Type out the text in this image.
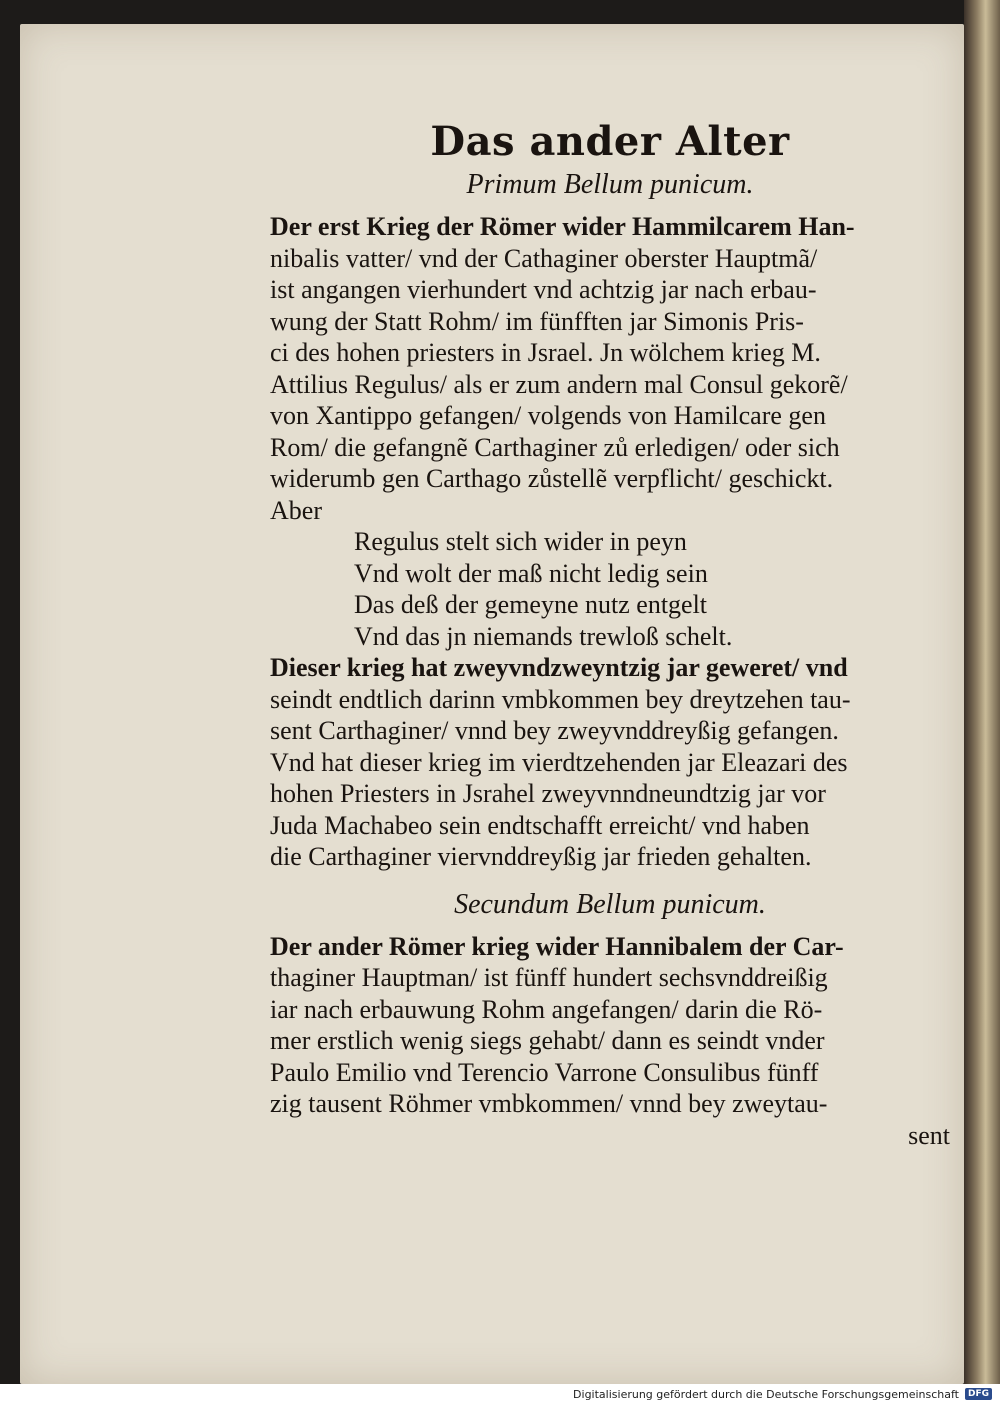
Das ander Alter
Primum Bellum punicum.
Der erst Krieg der Römer wider Hammilcarem Han-
nibalis vatter/ vnd der Cathaginer oberster Hauptmã/
ist angangen vierhundert vnd achtzig jar nach erbau-
wung der Statt Rohm/ im fünfften jar Simonis Pris-
ci des hohen priesters in Jsrael. Jn wölchem krieg M.
Attilius Regulus/ als er zum andern mal Consul gekorẽ/
von Xantippo gefangen/ volgends von Hamilcare gen
Rom/ die gefangnẽ Carthaginer zů erledigen/ oder sich
widerumb gen Carthago zůstellẽ verpflicht/ geschickt.
Aber
Regulus stelt sich wider in peyn
Vnd wolt der maß nicht ledig sein
Das deß der gemeyne nutz entgelt
Vnd das jn niemands trewloß schelt.
Dieser krieg hat zweyvndzweyntzig jar geweret/ vnd
seindt endtlich darinn vmbkommen bey dreytzehen tau-
sent Carthaginer/ vnnd bey zweyvnddreyßig gefangen.
Vnd hat dieser krieg im vierdtzehenden jar Eleazari des
hohen Priesters in Jsrahel zweyvnndneundtzig jar vor
Juda Machabeo sein endtschafft erreicht/ vnd haben
die Carthaginer viervnddreyßig jar frieden gehalten.
Secundum Bellum punicum.
Der ander Römer krieg wider Hannibalem der Car-
thaginer Hauptman/ ist fünff hundert sechsvnddreißig
iar nach erbauwung Rohm angefangen/ darin die Rö-
mer erstlich wenig siegs gehabt/ dann es seindt vnder
Paulo Emilio vnd Terencio Varrone Consulibus fünff
zig tausent Röhmer vmbkommen/ vnnd bey zweytau-
sent
Digitalisierung gefördert durch die Deutsche Forschungsgemeinschaft	DFG
